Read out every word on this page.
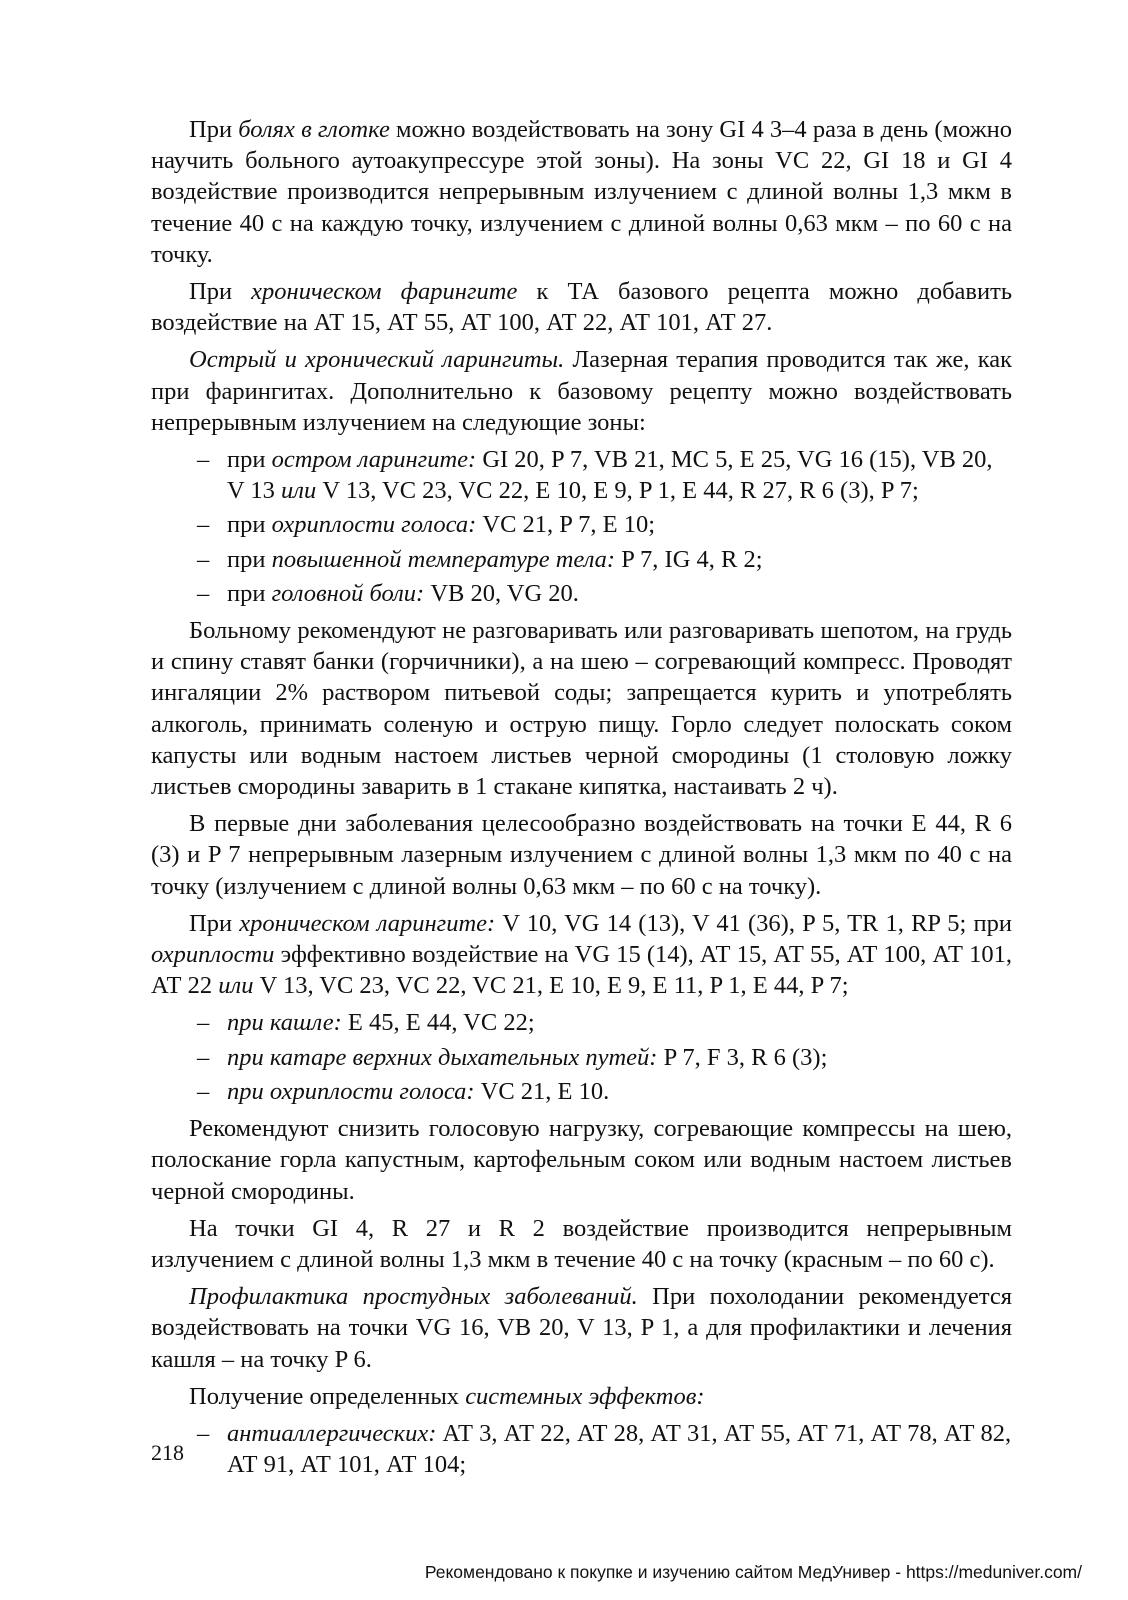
При болях в глотке можно воздействовать на зону GI 4 3–4 раза в день (можно научить больного аутоакупрессуре этой зоны). На зоны VC 22, GI 18 и GI 4 воздействие производится непрерывным излучением с длиной волны 1,3 мкм в течение 40 с на каждую точку, излучением с длиной волны 0,63 мкм – по 60 с на точку.

При хроническом фарингите к ТА базового рецепта можно добавить воздействие на АТ 15, АТ 55, АТ 100, АТ 22, АТ 101, АТ 27.

Острый и хронический ларингиты. Лазерная терапия проводится так же, как при фарингитах. Дополнительно к базовому рецепту можно воздействовать непрерывным излучением на следующие зоны:

– при остром ларингите: GI 20, P 7, VB 21, MC 5, E 25, VG 16 (15), VB 20, V 13 или V 13, VC 23, VC 22, E 10, E 9, P 1, E 44, R 27, R 6 (3), P 7;
– при охриплости голоса: VC 21, P 7, E 10;
– при повышенной температуре тела: P 7, IG 4, R 2;
– при головной боли: VB 20, VG 20.

Больному рекомендуют не разговаривать или разговаривать шепотом, на грудь и спину ставят банки (горчичники), а на шею – согревающий компресс. Проводят ингаляции 2% раствором питьевой соды; запрещается курить и употреблять алкоголь, принимать соленую и острую пищу. Горло следует полоскать соком капусты или водным настоем листьев черной смородины (1 столовую ложку листьев смородины заварить в 1 стакане кипятка, настаивать 2 ч).

В первые дни заболевания целесообразно воздействовать на точки E 44, R 6 (3) и P 7 непрерывным лазерным излучением с длиной волны 1,3 мкм по 40 с на точку (излучением с длиной волны 0,63 мкм – по 60 с на точку).

При хроническом ларингите: V 10, VG 14 (13), V 41 (36), P 5, TR 1, RP 5; при охриплости эффективно воздействие на VG 15 (14), АТ 15, АТ 55, АТ 100, АТ 101, АТ 22 или V 13, VC 23, VC 22, VC 21, E 10, E 9, E 11, P 1, E 44, P 7;

– при кашле: E 45, E 44, VC 22;
– при катаре верхних дыхательных путей: P 7, F 3, R 6 (3);
– при охриплости голоса: VC 21, E 10.

Рекомендуют снизить голосовую нагрузку, согревающие компрессы на шею, полоскание горла капустным, картофельным соком или водным настоем листьев черной смородины.

На точки GI 4, R 27 и R 2 воздействие производится непрерывным излучением с длиной волны 1,3 мкм в течение 40 с на точку (красным – по 60 с).

Профилактика простудных заболеваний. При похолодании рекомендуется воздействовать на точки VG 16, VB 20, V 13, P 1, а для профилактики и лечения кашля – на точку P 6.

Получение определенных системных эффектов:

– антиаллергических: АТ 3, АТ 22, АТ 28, АТ 31, АТ 55, АТ 71, АТ 78, АТ 82, АТ 91, АТ 101, АТ 104;
218
Рекомендовано к покупке и изучению сайтом МедУнивер - https://meduniver.com/
